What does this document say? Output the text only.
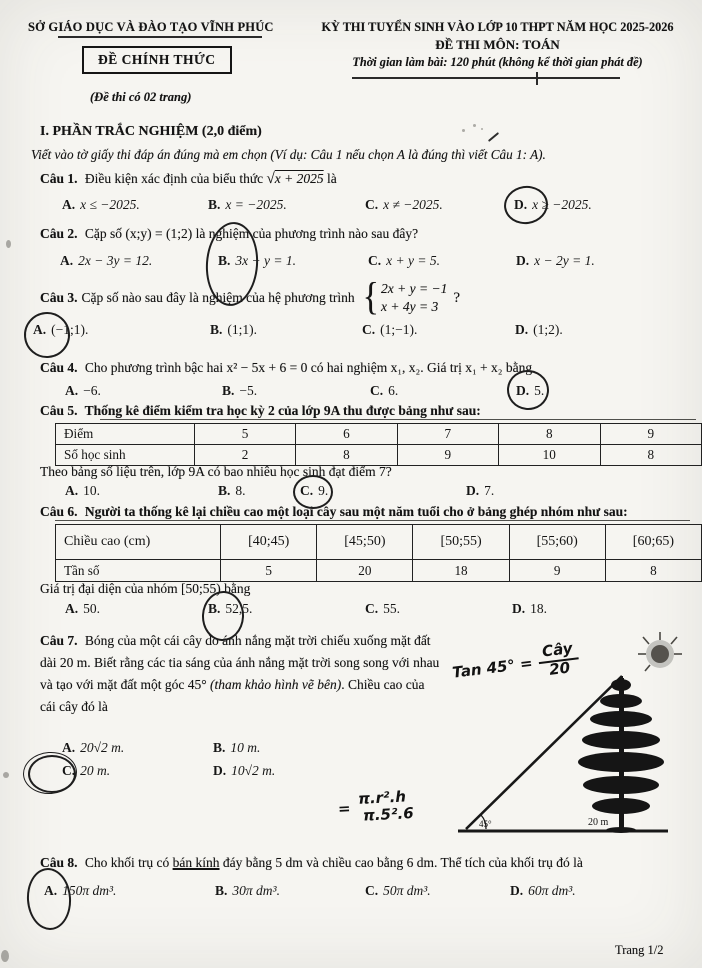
SỞ GIÁO DỤC VÀ ĐÀO TẠO VĨNH PHÚC
ĐỀ CHÍNH THỨC
(Đề thi có 02 trang)
KỲ THI TUYỂN SINH VÀO LỚP 10 THPT NĂM HỌC 2025-2026
ĐỀ THI MÔN: TOÁN
Thời gian làm bài: 120 phút (không kể thời gian phát đề)
I. PHẦN TRẮC NGHIỆM (2,0 điểm)
Viết vào tờ giấy thi đáp án đúng mà em chọn (Ví dụ: Câu 1 nếu chọn A là đúng thì viết Câu 1: A).
Câu 1. Điều kiện xác định của biểu thức √x + 2025 là
A. x ≤ −2025.	B. x = −2025.	C. x ≠ −2025.	D. x ≥ −2025.
Câu 2. Cặp số (x;y) = (1;2) là nghiệm của phương trình nào sau đây?
A. 2x − 3y = 12.	B. 3x − y = 1.	C. x + y = 5.	D. x − 2y = 1.
Câu 3. Cặp số nào sau đây là nghiệm của hệ phương trình { 2x + y = −1
x + 4y = 3
?
A. (−1;1).	B. (1;1).	C. (1;−1).	D. (1;2).
Câu 4. Cho phương trình bậc hai x² − 5x + 6 = 0 có hai nghiệm x₁, x₂. Giá trị x₁ + x₂ bằng
A. −6.	B. −5.	C. 6.	D. 5.
Câu 5. Thống kê điểm kiểm tra học kỳ 2 của lớp 9A thu được bảng như sau:
Điểm	5	6	7	8	9
Số học sinh	2	8	9	10	8
Theo bảng số liệu trên, lớp 9A có bao nhiêu học sinh đạt điểm 7?
A. 10.	B. 8.	C. 9.	D. 7.
Câu 6. Người ta thống kê lại chiều cao một loại cây sau một năm tuổi cho ở bảng ghép nhóm như sau:
Chiều cao (cm)	[40;45)	[45;50)	[50;55)	[55;60)	[60;65)
Tần số	5	20	18	9	8
Giá trị đại diện của nhóm [50;55) bằng
A. 50.	B. 52,5.	C. 55.	D. 18.
Câu 7. Bóng của một cái cây do ánh nắng mặt trời chiếu xuống mặt đất dài 20 m. Biết rằng các tia sáng của ánh nắng mặt trời song song với nhau và tạo với mặt đất một góc 45° (tham khảo hình vẽ bên). Chiều cao của cái cây đó là
A. 20√2 m.	B. 10 m.
C. 20 m.	D. 10√2 m.
45°	20 m
Tan $45^\circ = \frac{\text{Cây}}{20}$
=
π.r².h
π.5².6
Câu 8. Cho khối trụ có bán kính đáy bằng 5 dm và chiều cao bằng 6 dm. Thể tích của khối trụ đó là
A. 150π dm³.	B. 30π dm³.	C. 50π dm³.	D. 60π dm³.
Trang 1/2
